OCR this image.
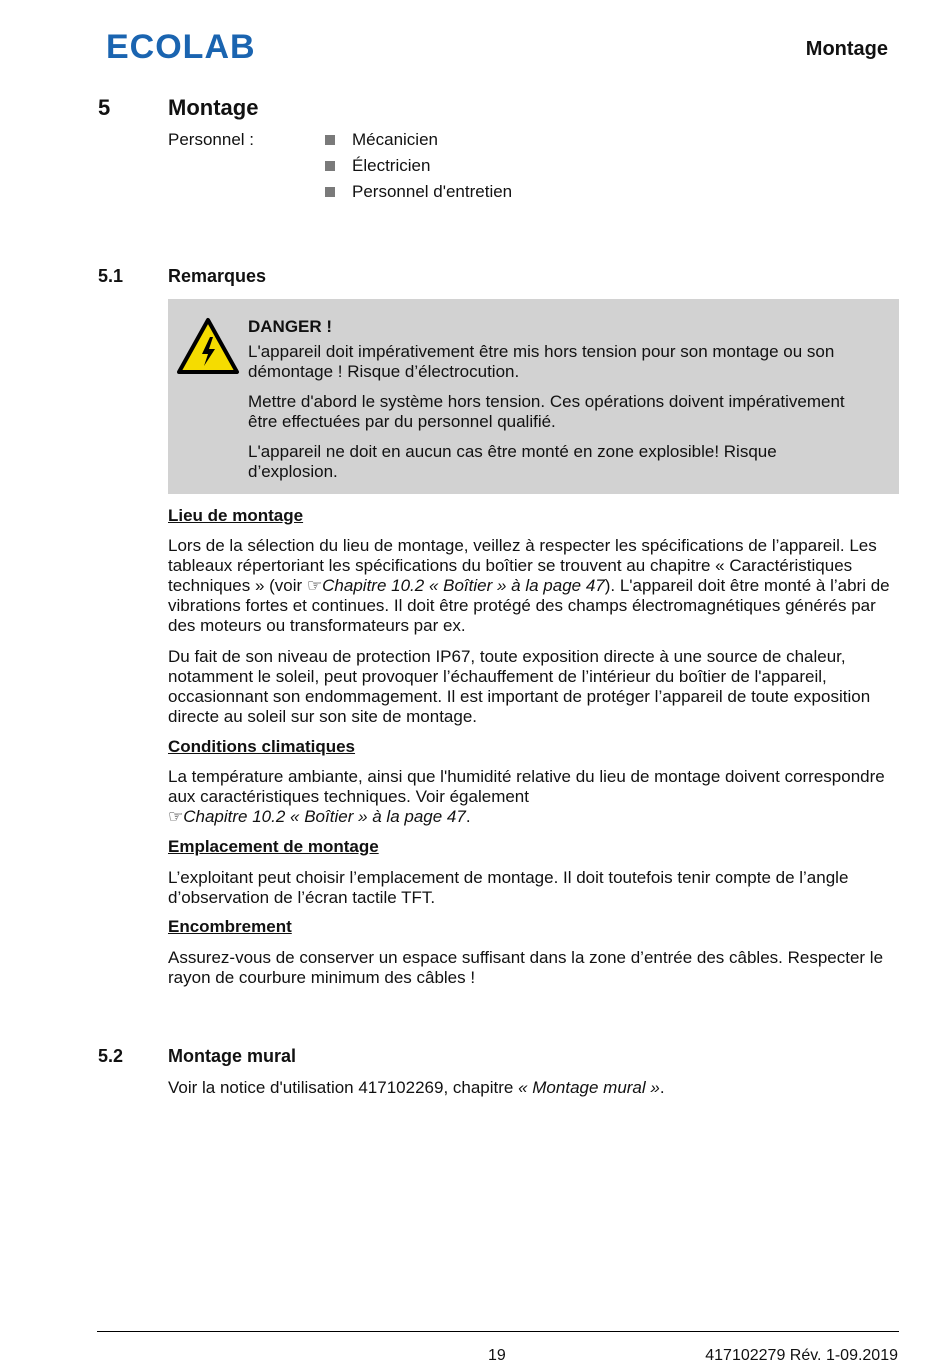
ECOLAB	Montage
5	Montage
Personnel :	Mécanicien
Électricien
Personnel d'entretien
5.1 Remarques
DANGER !

L'appareil doit impérativement être mis hors tension pour son montage ou son démontage ! Risque d’électrocution.

Mettre d'abord le système hors tension. Ces opérations doivent impérativement être effectuées par du personnel qualifié.

L'appareil ne doit en aucun cas être monté en zone explosible! Risque d’explosion.

Lieu de montage

Lors de la sélection du lieu de montage, veillez à respecter les spécifications de l’appareil. Les tableaux répertoriant les spécifications du boîtier se trouvent au chapitre « Caractéristiques techniques » (voir ☞Chapitre 10.2 « Boîtier » à la page 47). L'appareil doit être monté à l’abri de vibrations fortes et continues. Il doit être protégé des champs électromagnétiques générés par des moteurs ou transformateurs par ex.

Du fait de son niveau de protection IP67, toute exposition directe à une source de chaleur, notamment le soleil, peut provoquer l’échauffement de l’intérieur du boîtier de l'appareil, occasionnant son endommagement. Il est important de protéger l’appareil de toute exposition directe au soleil sur son site de montage.

Conditions climatiques

La température ambiante, ainsi que l'humidité relative du lieu de montage doivent correspondre aux caractéristiques techniques. Voir également
☞Chapitre 10.2 « Boîtier » à la page 47.

Emplacement de montage

L’exploitant peut choisir l’emplacement de montage. Il doit toutefois tenir compte de l’angle d’observation de l’écran tactile TFT.

Encombrement

Assurez-vous de conserver un espace suffisant dans la zone d’entrée des câbles. Respecter le rayon de courbure minimum des câbles !

5.2 Montage mural

Voir la notice d'utilisation 417102269, chapitre « Montage mural ».

19	417102279 Rév. 1-09.2019
